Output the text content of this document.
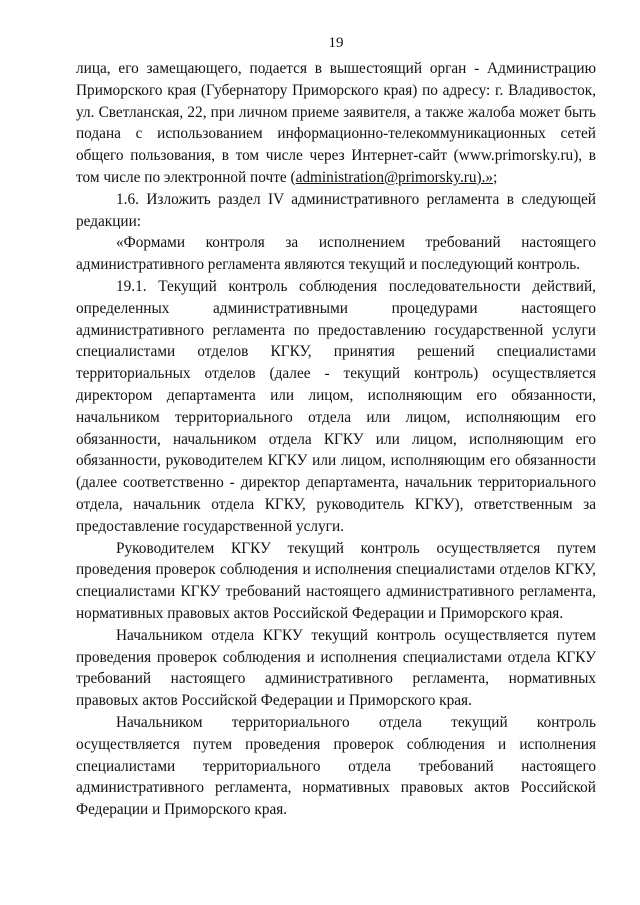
19

лица, его замещающего, подается в вышестоящий орган - Администрацию Приморского края (Губернатору Приморского края) по адресу: г. Владивосток, ул. Светланская, 22, при личном приеме заявителя, а также жалоба может быть подана с использованием информационно-телекоммуникационных сетей общего пользования, в том числе через Интернет-сайт (www.primorsky.ru), в том числе по электронной почте (administration@primorsky.ru).»;

1.6. Изложить раздел IV административного регламента в следующей редакции:

«Формами контроля за исполнением требований настоящего административного регламента являются текущий и последующий контроль.

19.1. Текущий контроль соблюдения последовательности действий, определенных административными процедурами настоящего административного регламента по предоставлению государственной услуги специалистами отделов КГКУ, принятия решений специалистами территориальных отделов (далее - текущий контроль) осуществляется директором департамента или лицом, исполняющим его обязанности, начальником территориального отдела или лицом, исполняющим его обязанности, начальником отдела КГКУ или лицом, исполняющим его обязанности, руководителем КГКУ или лицом, исполняющим его обязанности (далее соответственно - директор департамента, начальник территориального отдела, начальник отдела КГКУ, руководитель КГКУ), ответственным за предоставление государственной услуги.

Руководителем КГКУ текущий контроль осуществляется путем проведения проверок соблюдения и исполнения специалистами отделов КГКУ, специалистами КГКУ требований настоящего административного регламента, нормативных правовых актов Российской Федерации и Приморского края.

Начальником отдела КГКУ текущий контроль осуществляется путем проведения проверок соблюдения и исполнения специалистами отдела КГКУ требований настоящего административного регламента, нормативных правовых актов Российской Федерации и Приморского края.

Начальником территориального отдела текущий контроль осуществляется путем проведения проверок соблюдения и исполнения специалистами территориального отдела требований настоящего административного регламента, нормативных правовых актов Российской Федерации и Приморского края.
